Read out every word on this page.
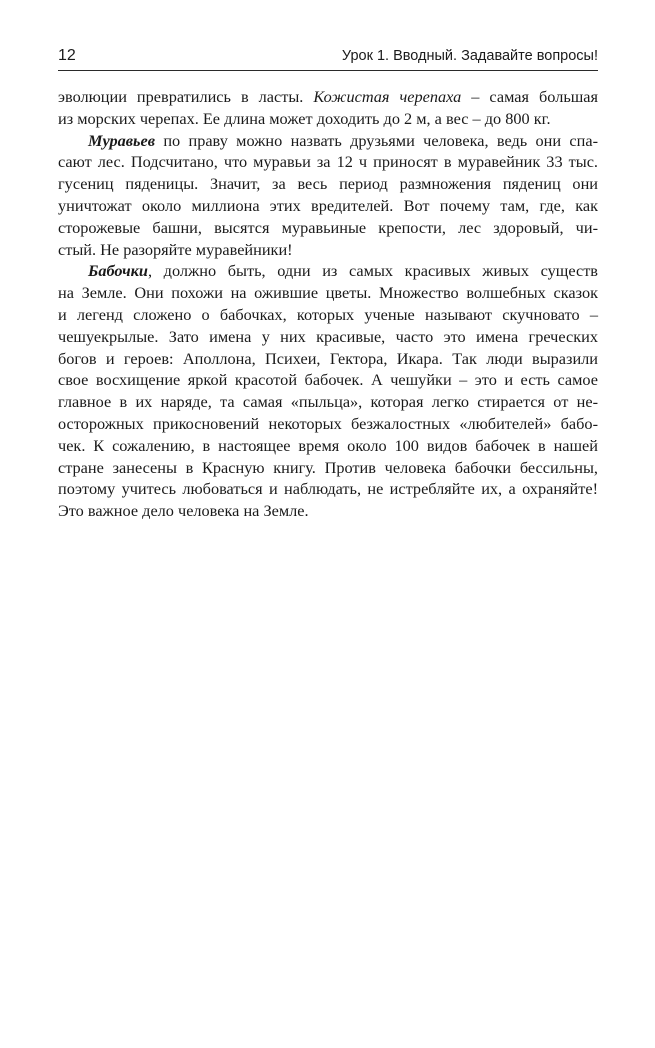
12	Урок 1. Вводный. Задавайте вопросы!
эволюции превратились в ласты. Кожистая черепаха – самая большая
из морских черепах. Ее длина может доходить до 2 м, а вес – до 800 кг.
Муравьев по праву можно назвать друзьями человека, ведь они спа-
сают лес. Подсчитано, что муравьи за 12 ч приносят в муравейник 33 тыс.
гусениц пяденицы. Значит, за весь период размножения пядениц они
уничтожат около миллиона этих вредителей. Вот почему там, где, как
сторожевые башни, высятся муравьиные крепости, лес здоровый, чи-
стый. Не разоряйте муравейники!
Бабочки, должно быть, одни из самых красивых живых существ
на Земле. Они похожи на ожившие цветы. Множество волшебных сказок
и легенд сложено о бабочках, которых ученые называют скучновато –
чешуекрылые. Зато имена у них красивые, часто это имена греческих
богов и героев: Аполлона, Психеи, Гектора, Икара. Так люди выразили
свое восхищение яркой красотой бабочек. А чешуйки – это и есть самое
главное в их наряде, та самая «пыльца», которая легко стирается от не-
осторожных прикосновений некоторых безжалостных «любителей» бабо-
чек. К сожалению, в настоящее время около 100 видов бабочек в нашей
стране занесены в Красную книгу. Против человека бабочки бессильны,
поэтому учитесь любоваться и наблюдать, не истребляйте их, а охраняйте!
Это важное дело человека на Земле.
